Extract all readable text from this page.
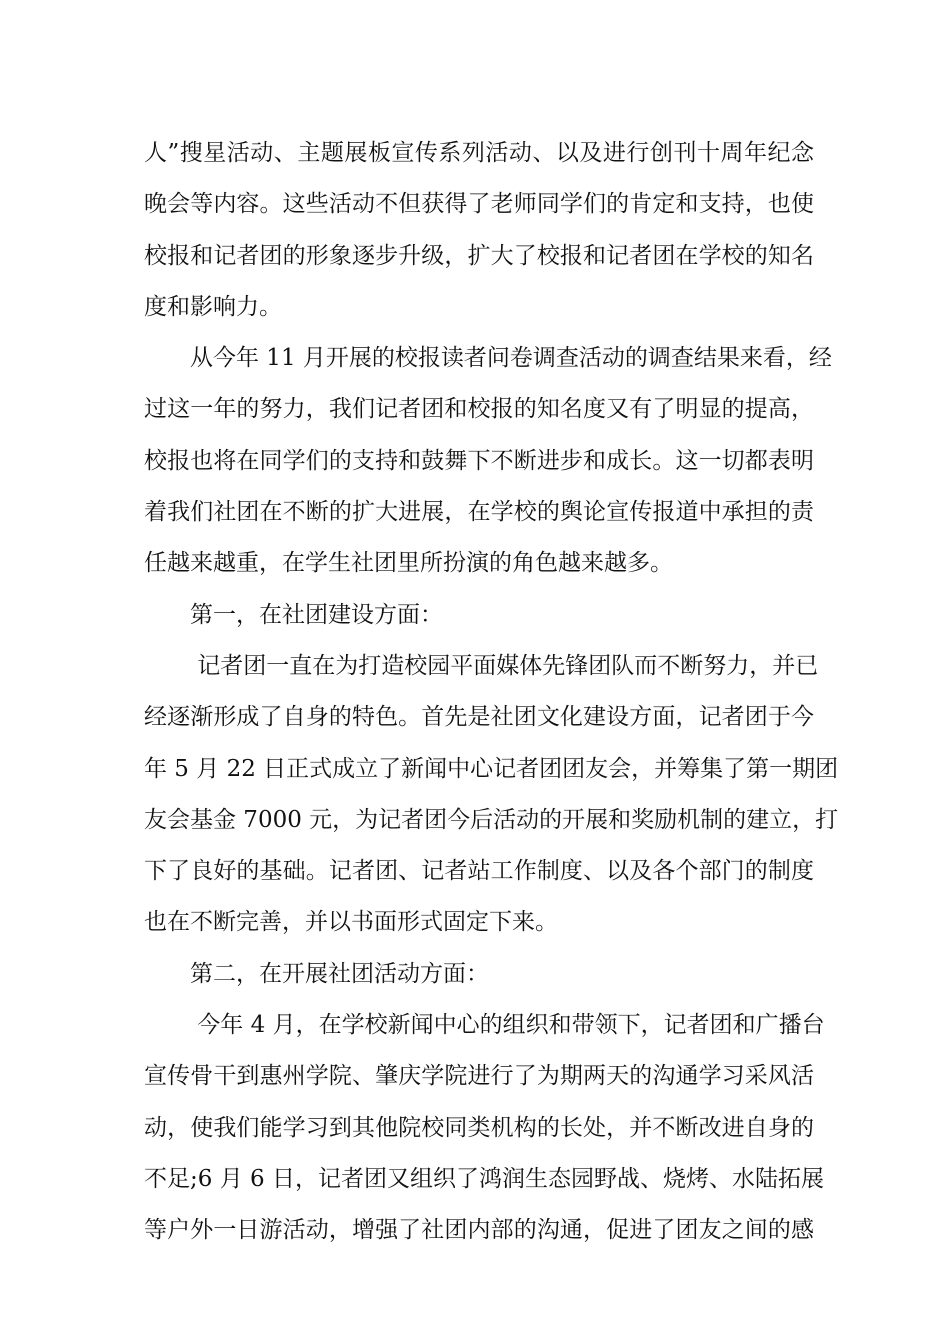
人”搜星活动、主题展板宣传系列活动、以及进行创刊十周年纪念
晚会等内容。这些活动不但获得了老师同学们的肯定和支持，也使
校报和记者团的形象逐步升级，扩大了校报和记者团在学校的知名
度和影响力。
从今年 11 月开展的校报读者问卷调查活动的调查结果来看，经
过这一年的努力，我们记者团和校报的知名度又有了明显的提高，
校报也将在同学们的支持和鼓舞下不断进步和成长。这一切都表明
着我们社团在不断的扩大进展，在学校的舆论宣传报道中承担的责
任越来越重，在学生社团里所扮演的角色越来越多。
第一，在社团建设方面：
记者团一直在为打造校园平面媒体先锋团队而不断努力，并已
经逐渐形成了自身的特色。首先是社团文化建设方面，记者团于今
年 5 月 22 日正式成立了新闻中心记者团团友会，并筹集了第一期团
友会基金 7000 元，为记者团今后活动的开展和奖励机制的建立，打
下了良好的基础。记者团、记者站工作制度、以及各个部门的制度
也在不断完善，并以书面形式固定下来。
第二，在开展社团活动方面：
今年 4 月，在学校新闻中心的组织和带领下，记者团和广播台
宣传骨干到惠州学院、肇庆学院进行了为期两天的沟通学习采风活
动，使我们能学习到其他院校同类机构的长处，并不断改进自身的
不足;6 月 6 日，记者团又组织了鸿润生态园野战、烧烤、水陆拓展
等户外一日游活动，增强了社团内部的沟通，促进了团友之间的感
